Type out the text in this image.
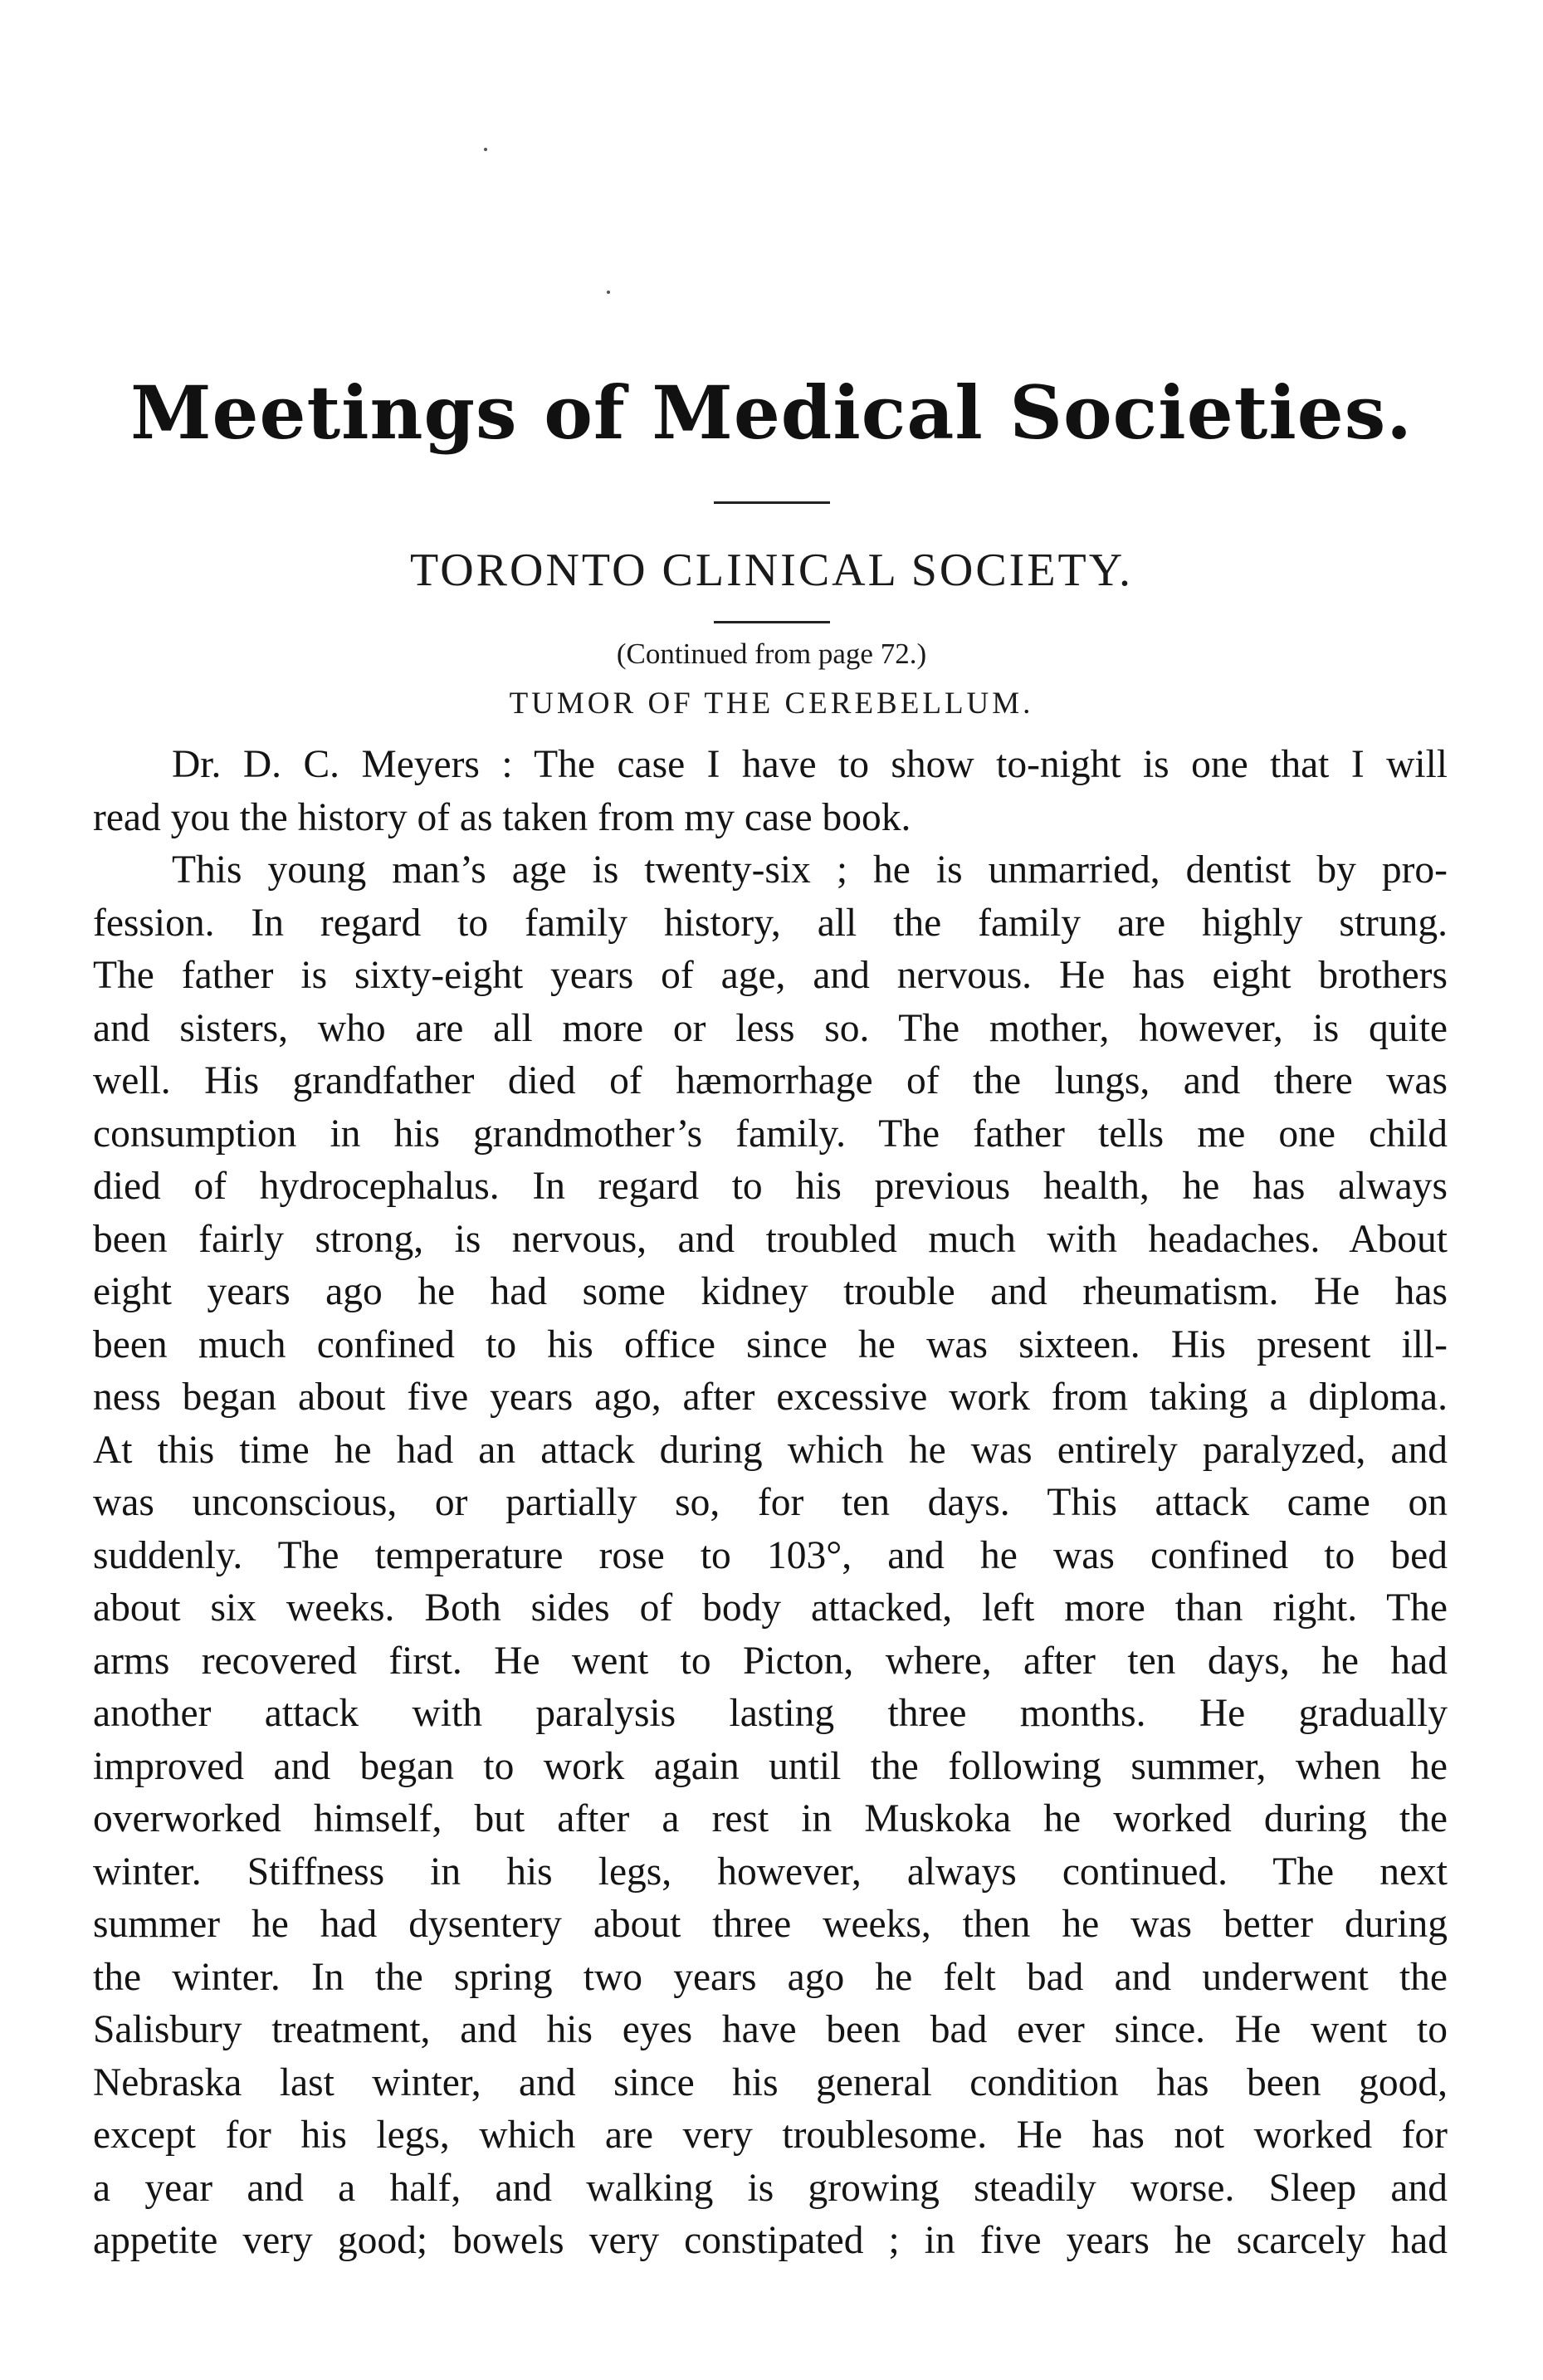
Meetings of Medical Societies.
TORONTO CLINICAL SOCIETY.
(Continued from page 72.)
TUMOR OF THE CEREBELLUM.
Dr. D. C. Meyers : The case I have to show to-night is one that I will
read you the history of as taken from my case book.
This young man’s age is twenty-six ; he is unmarried, dentist by pro-
fession. In regard to family history, all the family are highly strung.
The father is sixty-eight years of age, and nervous. He has eight brothers
and sisters, who are all more or less so. The mother, however, is quite
well. His grandfather died of hæmorrhage of the lungs, and there was
consumption in his grandmother’s family. The father tells me one child
died of hydrocephalus. In regard to his previous health, he has always
been fairly strong, is nervous, and troubled much with headaches. About
eight years ago he had some kidney trouble and rheumatism. He has
been much confined to his office since he was sixteen. His present ill-
ness began about five years ago, after excessive work from taking a diploma.
At this time he had an attack during which he was entirely paralyzed, and
was unconscious, or partially so, for ten days. This attack came on
suddenly. The temperature rose to 103°, and he was confined to bed
about six weeks. Both sides of body attacked, left more than right. The
arms recovered first. He went to Picton, where, after ten days, he had
another attack with paralysis lasting three months. He gradually
improved and began to work again until the following summer, when he
overworked himself, but after a rest in Muskoka he worked during the
winter. Stiffness in his legs, however, always continued. The next
summer he had dysentery about three weeks, then he was better during
the winter. In the spring two years ago he felt bad and underwent the
Salisbury treatment, and his eyes have been bad ever since. He went to
Nebraska last winter, and since his general condition has been good,
except for his legs, which are very troublesome. He has not worked for
a year and a half, and walking is growing steadily worse. Sleep and
appetite very good; bowels very constipated ; in five years he scarcely had
